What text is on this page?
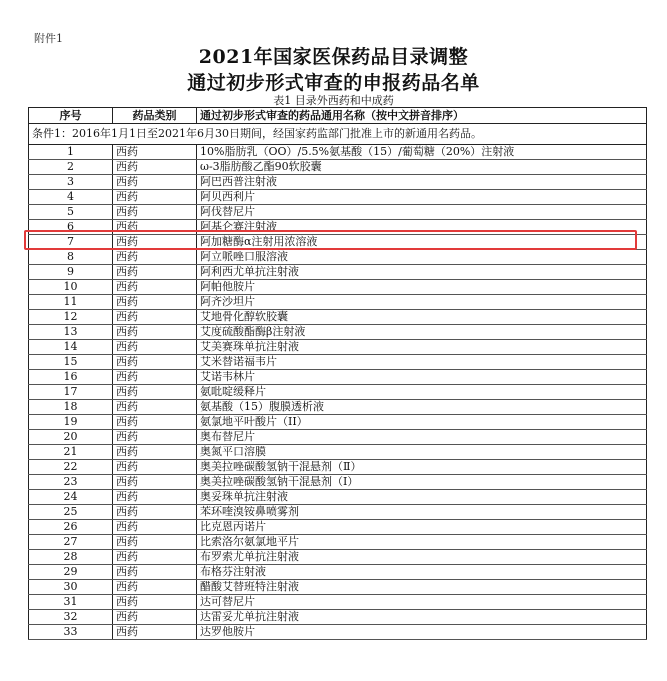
附件1
2021年国家医保药品目录调整
通过初步形式审查的申报药品名单
表1 目录外西药和中成药
序号	药品类别	通过初步形式审查的药品通用名称（按中文拼音排序）
条件1：2016年1月1日至2021年6月30日期间，经国家药监部门批准上市的新通用名药品。		
1	西药	10%脂肪乳（OO）/5.5%氨基酸（15）/葡萄糖（20%）注射液
2	西药	ω-3脂肪酸乙酯90软胶囊
3	西药	阿巴西普注射液
4	西药	阿贝西利片
5	西药	阿伐替尼片
6	西药	阿基仑赛注射液
7	西药	阿加糖酶α注射用浓溶液
8	西药	阿立哌唑口服溶液
9	西药	阿利西尤单抗注射液
10	西药	阿帕他胺片
11	西药	阿齐沙坦片
12	西药	艾地骨化醇软胶囊
13	西药	艾度硫酸酯酶β注射液
14	西药	艾美赛珠单抗注射液
15	西药	艾米替诺福韦片
16	西药	艾诺韦林片
17	西药	氨吡啶缓释片
18	西药	氨基酸（15）腹膜透析液
19	西药	氨氯地平叶酸片（II）
20	西药	奥布替尼片
21	西药	奥氮平口溶膜
22	西药	奥美拉唑碳酸氢钠干混悬剂（Ⅱ）
23	西药	奥美拉唑碳酸氢钠干混悬剂（I）
24	西药	奥妥珠单抗注射液
25	西药	苯环喹溴铵鼻喷雾剂
26	西药	比克恩丙诺片
27	西药	比索洛尔氨氯地平片
28	西药	布罗索尤单抗注射液
29	西药	布格芬注射液
30	西药	醋酸艾替班特注射液
31	西药	达可替尼片
32	西药	达雷妥尤单抗注射液
33	西药	达罗他胺片
